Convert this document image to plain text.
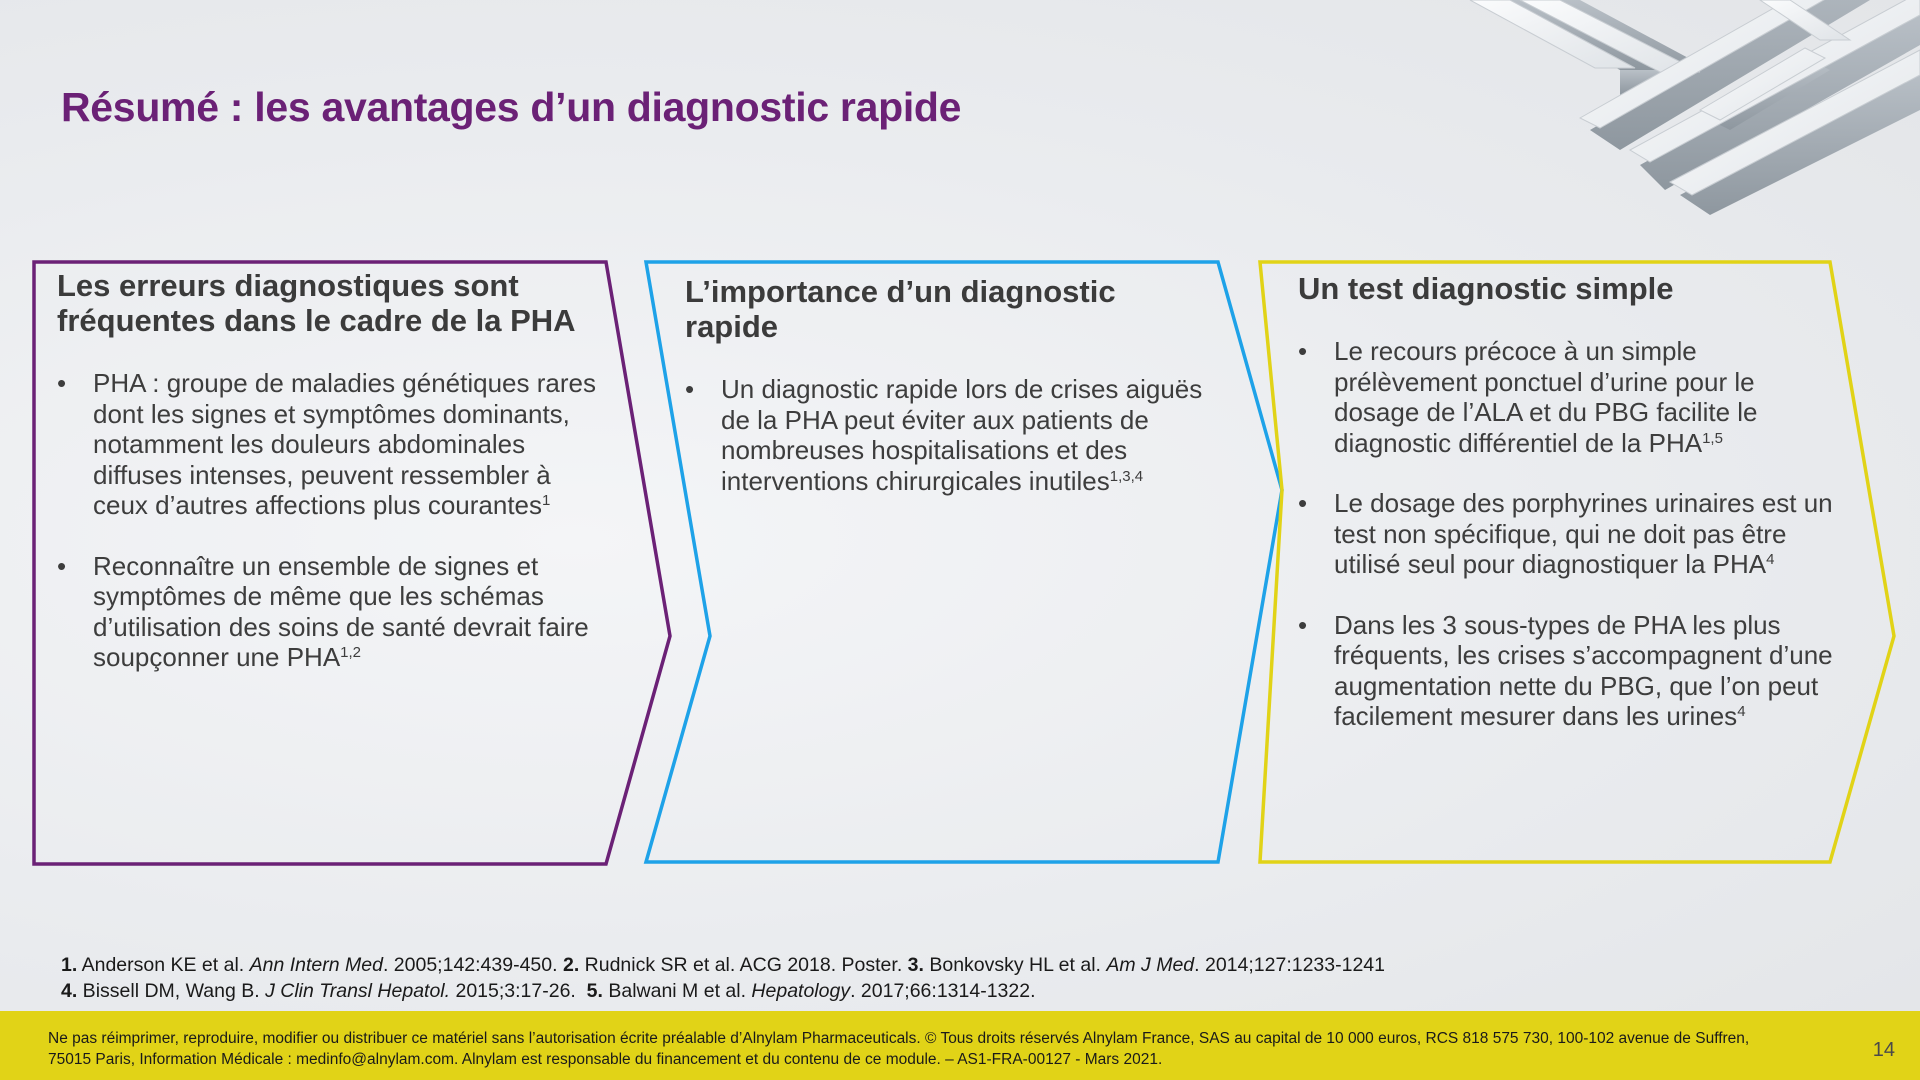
Résumé : les avantages d’un diagnostic rapide
Les erreurs diagnostiques sont fréquentes dans le cadre de la PHA
• PHA : groupe de maladies génétiques rares dont les signes et symptômes dominants, notamment les douleurs abdominales diffuses intenses, peuvent ressembler à ceux d’autres affections plus courantes$^1$
• Reconnaître un ensemble de signes et symptômes de même que les schémas d’utilisation des soins de santé devrait faire soupçonner une PHA$^{1,2}$
L’importance d’un diagnostic rapide
• Un diagnostic rapide lors de crises aiguës de la PHA peut éviter aux patients de nombreuses hospitalisations et des interventions chirurgicales inutiles$^{1,3,4}$
Un test diagnostic simple
• Le recours précoce à un simple prélèvement ponctuel d’urine pour le dosage de l’ALA et du PBG facilite le diagnostic différentiel de la PHA$^{1,5}$
• Le dosage des porphyrines urinaires est un test non spécifique, qui ne doit pas être utilisé seul pour diagnostiquer la PHA$^4$
• Dans les 3 sous-types de PHA les plus fréquents, les crises s’accompagnent d’une augmentation nette du PBG, que l’on peut facilement mesurer dans les urines$^4$
1. Anderson KE et al. Ann Intern Med. 2005;142:439-450. 2. Rudnick SR et al. ACG 2018. Poster. 3. Bonkovsky HL et al. Am J Med. 2014;127:1233-1241
4. Bissell DM, Wang B. J Clin Transl Hepatol. 2015;3:17-26.  5. Balwani M et al. Hepatology. 2017;66:1314-1322.
Ne pas réimprimer, reproduire, modifier ou distribuer ce matériel sans l’autorisation écrite préalable d’Alnylam Pharmaceuticals. © Tous droits réservés Alnylam France, SAS au capital de 10 000 euros, RCS 818 575 730, 100-102 avenue de Suffren, 75015 Paris, Information Médicale : medinfo@alnylam.com. Alnylam est responsable du financement et du contenu de ce module. – AS1-FRA-00127 - Mars 2021.	14
